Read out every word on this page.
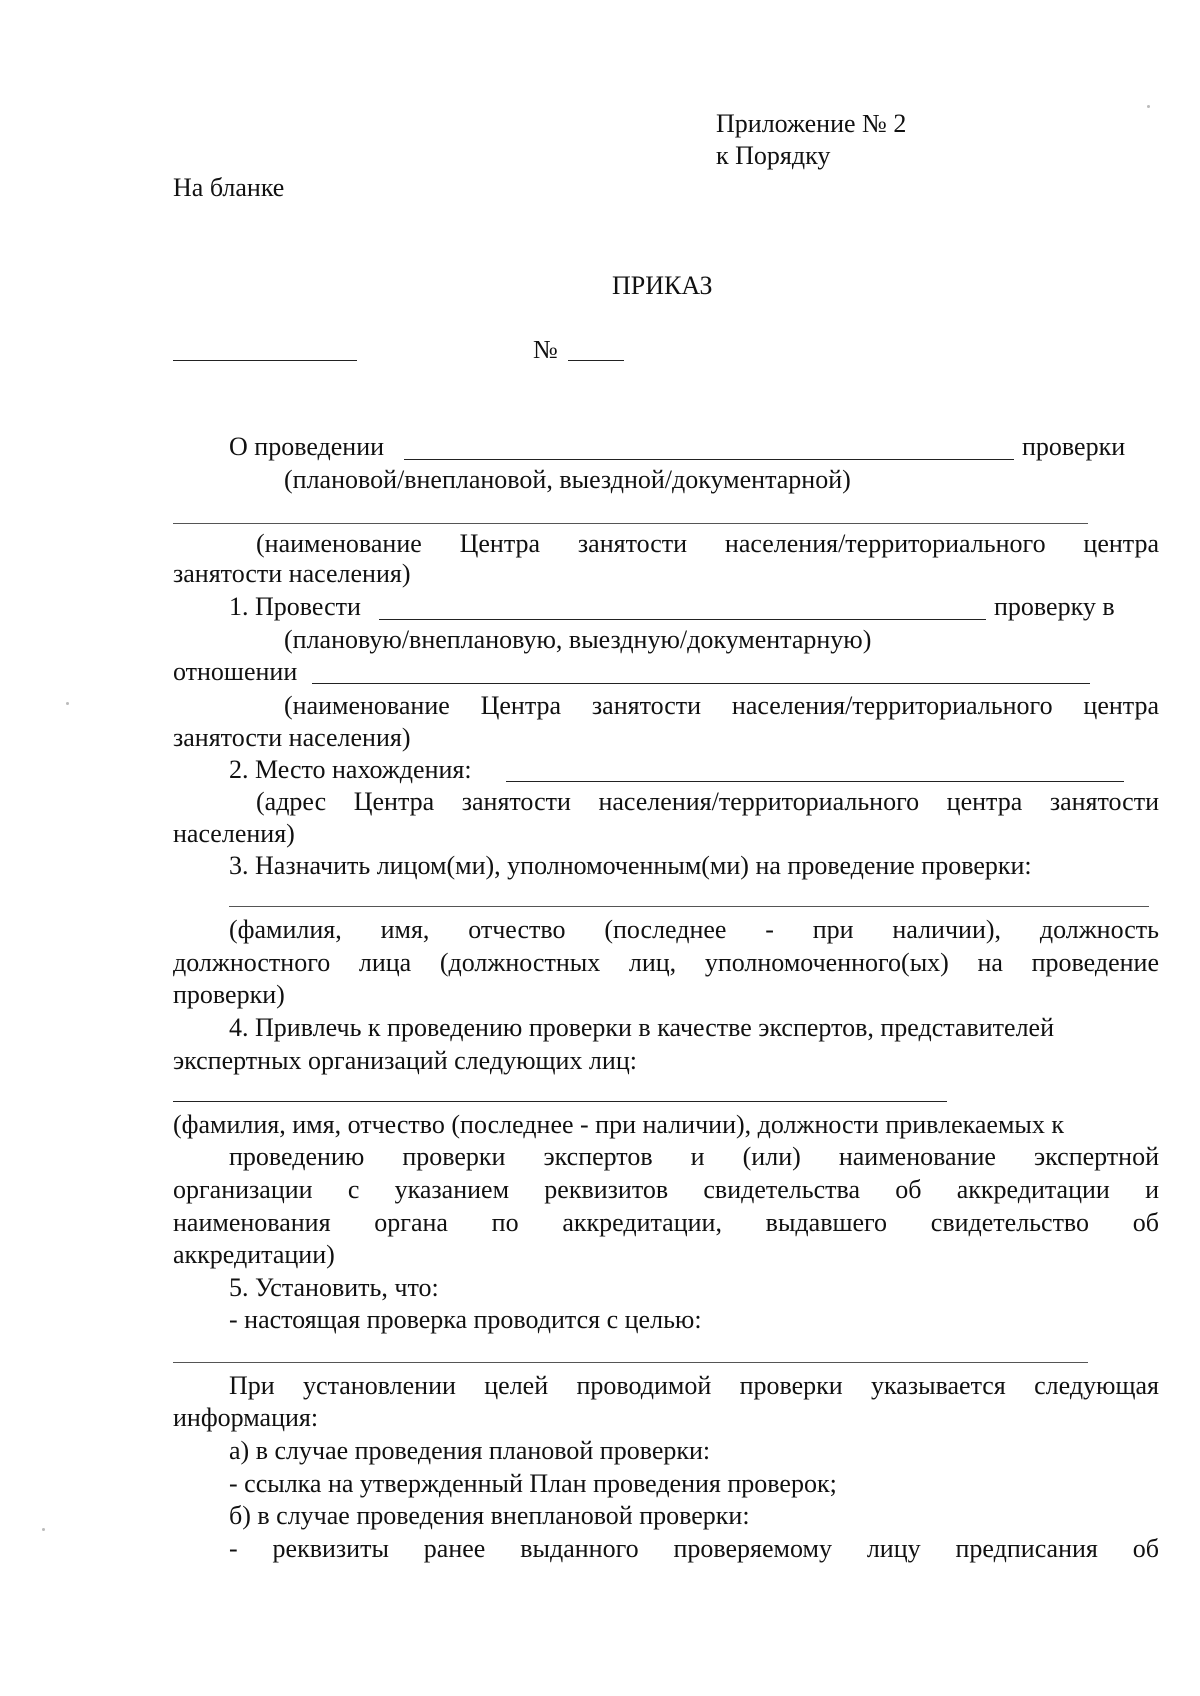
Приложение № 2
к Порядку
На бланке
ПРИКАЗ
№
О проведении	проверки
(плановой/внеплановой, выездной/документарной)
(наименование Центра занятости населения/территориального центра
занятости населения)
1. Провести	проверку в
(плановую/внеплановую, выездную/документарную)
отношении
(наименование Центра занятости населения/территориального центра
занятости населения)
2. Место нахождения:
(адрес Центра занятости населения/территориального центра занятости
населения)
3. Назначить лицом(ми), уполномоченным(ми) на проведение проверки:
(фамилия, имя, отчество (последнее - при наличии), должность
должностного лица (должностных лиц, уполномоченного(ых) на проведение
проверки)
4. Привлечь к проведению проверки в качестве экспертов, представителей
экспертных организаций следующих лиц:
(фамилия, имя, отчество (последнее - при наличии), должности привлекаемых к
проведению проверки экспертов и (или) наименование экспертной
организации с указанием реквизитов свидетельства об аккредитации и
наименования органа по аккредитации, выдавшего свидетельство об
аккредитации)
5. Установить, что:
- настоящая проверка проводится с целью:
При установлении целей проводимой проверки указывается следующая
информация:
а) в случае проведения плановой проверки:
- ссылка на утвержденный План проведения проверок;
б) в случае проведения внеплановой проверки:
- реквизиты ранее выданного проверяемому лицу предписания об
